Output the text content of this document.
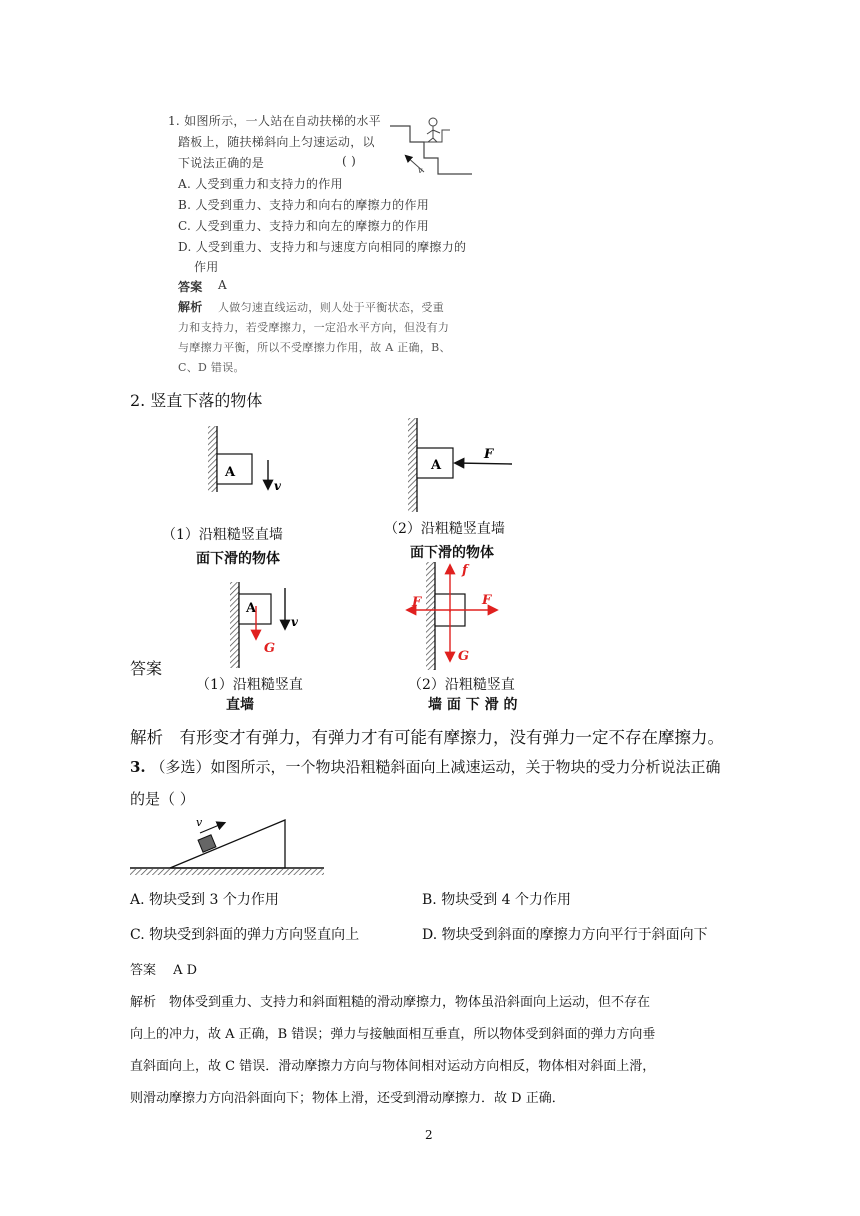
1. 如图所示，一人站在自动扶梯的水平
踏板上，随扶梯斜向上匀速运动，以
下说法正确的是	( )
A. 人受到重力和支持力的作用
B. 人受到重力、支持力和向右的摩擦力的作用
C. 人受到重力、支持力和向左的摩擦力的作用
D. 人受到重力、支持力和与速度方向相同的摩擦力的
作用
答案 A
解析 人做匀速直线运动，则人处于平衡状态，受重
力和支持力，若受摩擦力，一定沿水平方向，但没有力
与摩擦力平衡，所以不受摩擦力作用，故 A 正确，B、
C、D 错误。
v
2. 竖直下落的物体
A
v
（1）沿粗糙竖直墙
面下滑的物体
A
F
（2）沿粗糙竖直墙
面下滑的物体
答案
A
G
v
（1）沿粗糙竖直
直墙
f
G
F	F
（2）沿粗糙竖直
墙 面 下 滑 的
解析　有形变才有弹力，有弹力才有可能有摩擦力，没有弹力一定不存在摩擦力。
3. （多选）如图所示，一个物块沿粗糙斜面向上减速运动，关于物块的受力分析说法正确
的是（ ）
v
A. 物块受到 3 个力作用	B. 物块受到 4 个力作用
C. 物块受到斜面的弹力方向竖直向上	D. 物块受到斜面的摩擦力方向平行于斜面向下
答案　 A D
解析　物体受到重力、支持力和斜面粗糙的滑动摩擦力，物体虽沿斜面向上运动，但不存在
向上的冲力，故 A 正确，B 错误；弹力与接触面相互垂直，所以物体受到斜面的弹力方向垂
直斜面向上，故 C 错误．滑动摩擦力方向与物体间相对运动方向相反，物体相对斜面上滑，
则滑动摩擦力方向沿斜面向下；物体上滑，还受到滑动摩擦力．故 D 正确．
2
